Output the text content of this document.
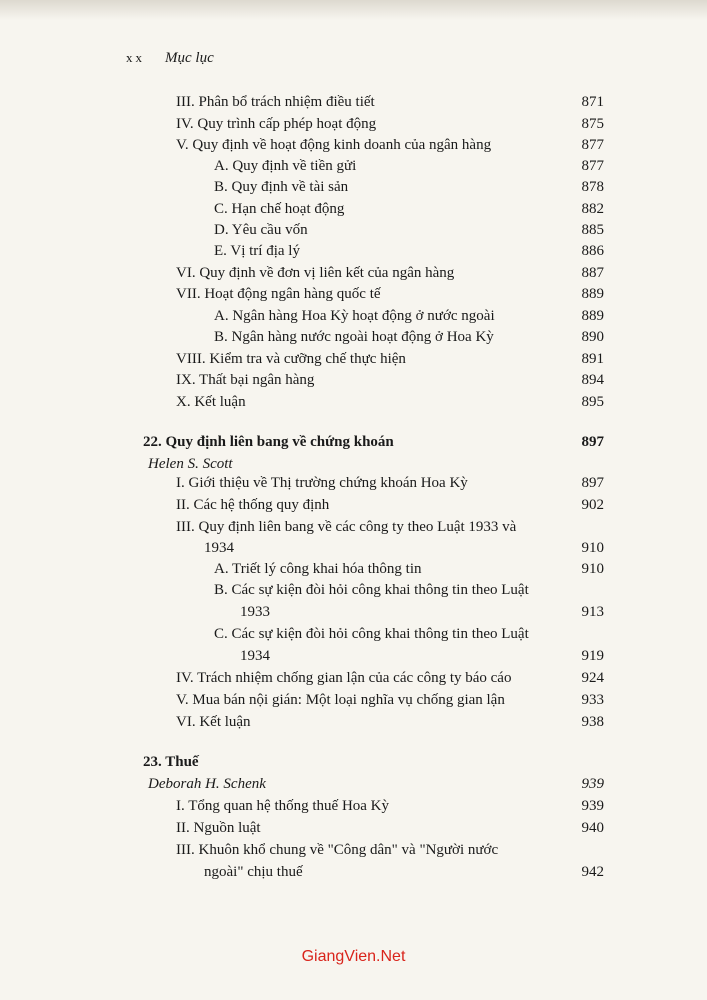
xx Mục lục
III. Phân bổ trách nhiệm điều tiết	871
IV. Quy trình cấp phép hoạt động	875
V. Quy định về hoạt động kinh doanh của ngân hàng	877
A. Quy định về tiền gửi	877
B. Quy định về tài sản	878
C. Hạn chế hoạt động	882
D. Yêu cầu vốn	885
E. Vị trí địa lý	886
VI. Quy định về đơn vị liên kết của ngân hàng	887
VII. Hoạt động ngân hàng quốc tế	889
A. Ngân hàng Hoa Kỳ hoạt động ở nước ngoài	889
B. Ngân hàng nước ngoài hoạt động ở Hoa Kỳ	890
VIII. Kiểm tra và cưỡng chế thực hiện	891
IX. Thất bại ngân hàng	894
X. Kết luận	895
22. Quy định liên bang về chứng khoán	897
Helen S. Scott
I. Giới thiệu về Thị trường chứng khoán Hoa Kỳ	897
II. Các hệ thống quy định	902
III. Quy định liên bang về các công ty theo Luật 1933 và
1934	910
A. Triết lý công khai hóa thông tin	910
B. Các sự kiện đòi hỏi công khai thông tin theo Luật
1933	913
C. Các sự kiện đòi hỏi công khai thông tin theo Luật
1934	919
IV. Trách nhiệm chống gian lận của các công ty báo cáo	924
V. Mua bán nội gián: Một loại nghĩa vụ chống gian lận	933
VI. Kết luận	938
23. Thuế
Deborah H. Schenk	939
I. Tổng quan hệ thống thuế Hoa Kỳ	939
II. Nguồn luật	940
III. Khuôn khổ chung về "Công dân" và "Người nước
ngoài" chịu thuế	942
GiangVien.Net
